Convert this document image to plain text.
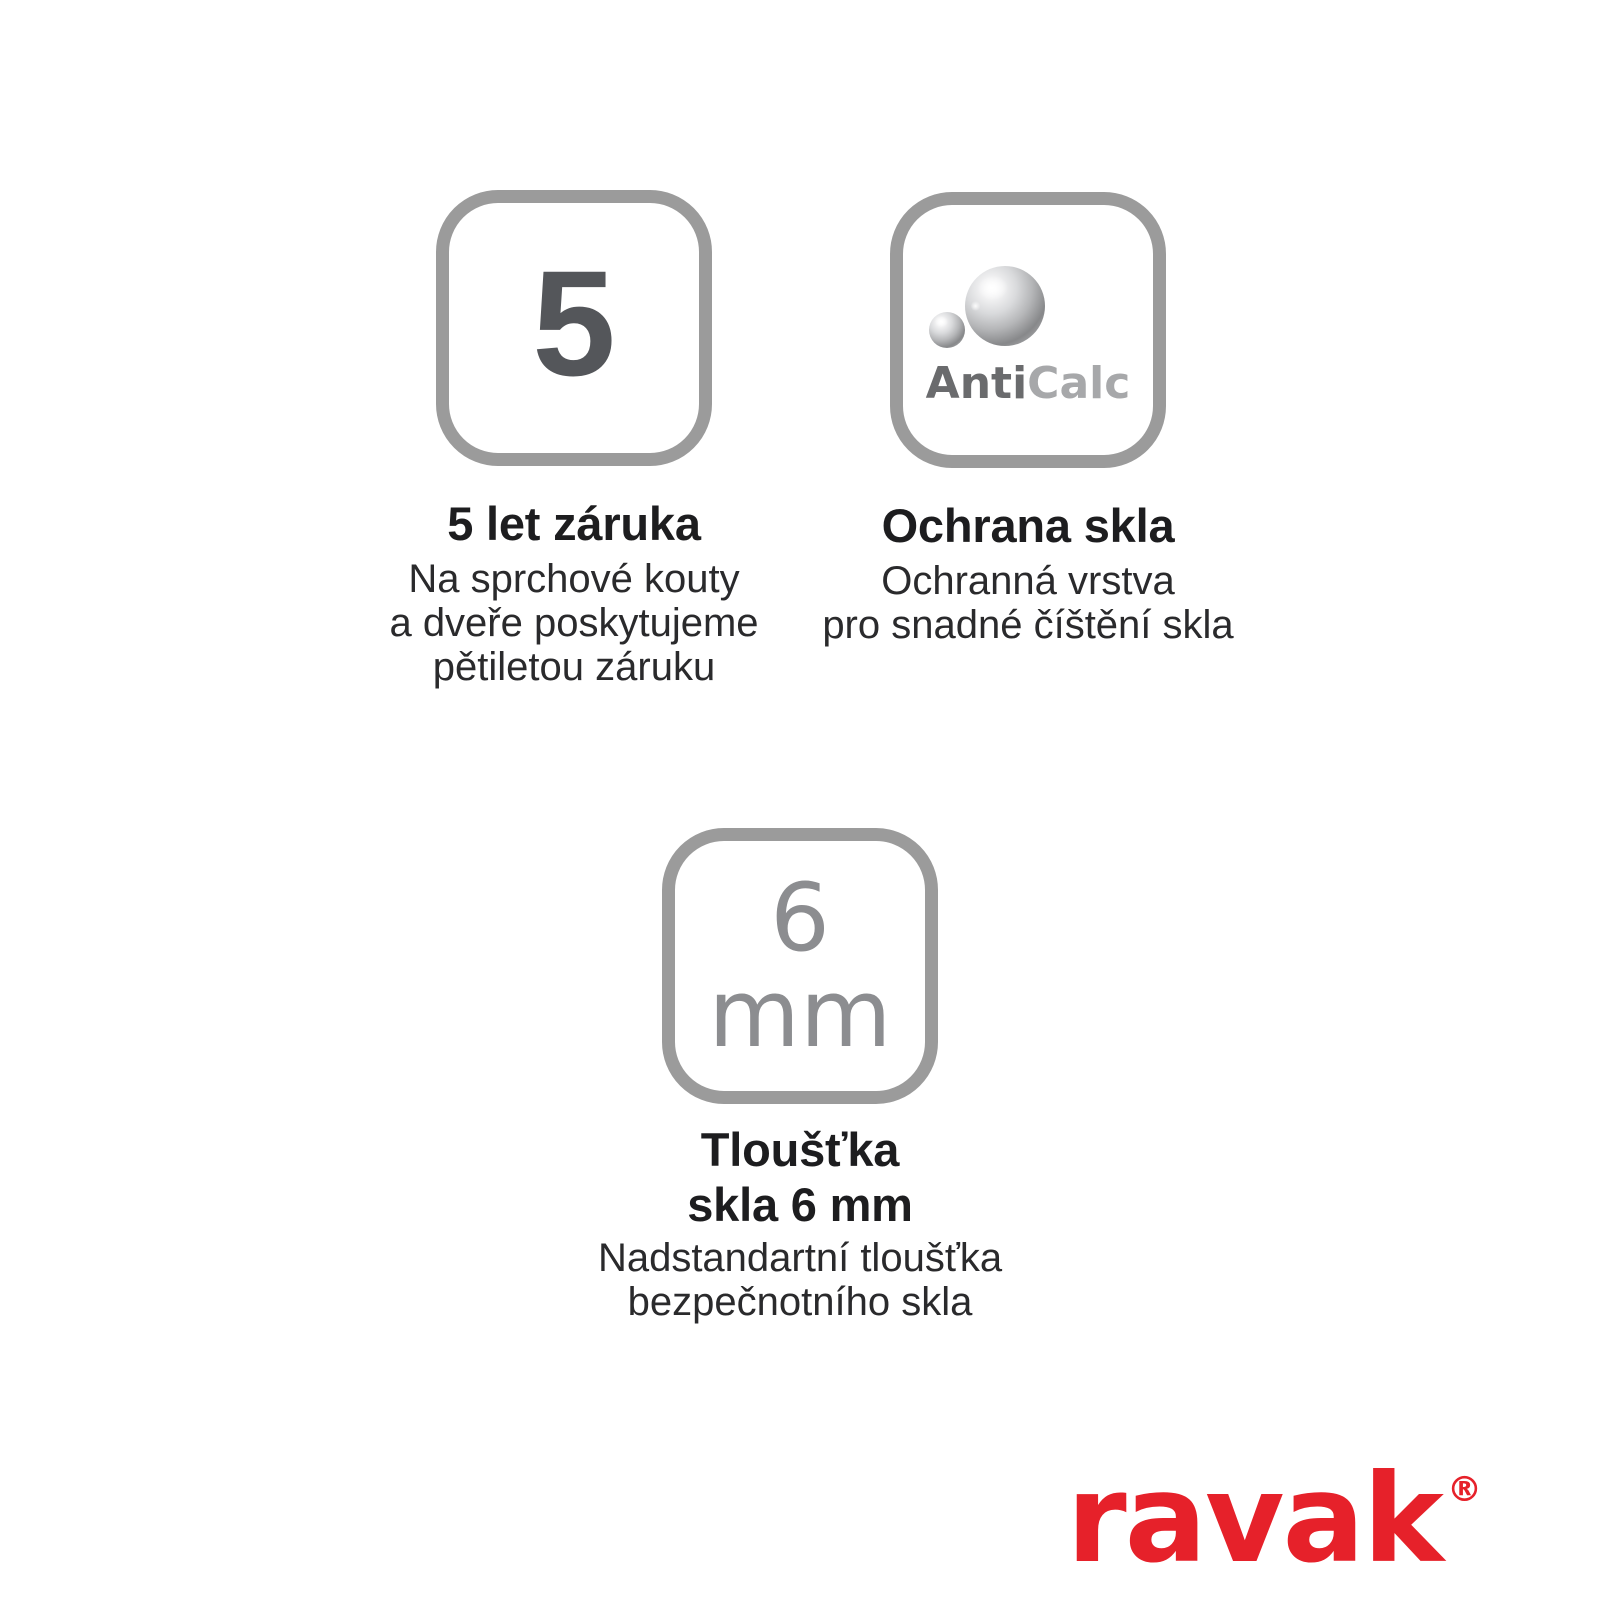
5
5 let záruka
Na sprchové kouty
a dveře poskytujeme
pětiletou záruku
AntiCalc
Ochrana skla
Ochranná vrstva
pro snadné číštění skla
6
mm
Tloušťka
skla 6 mm
Nadstandartní tloušťka
bezpečnotního skla
ravak ®
